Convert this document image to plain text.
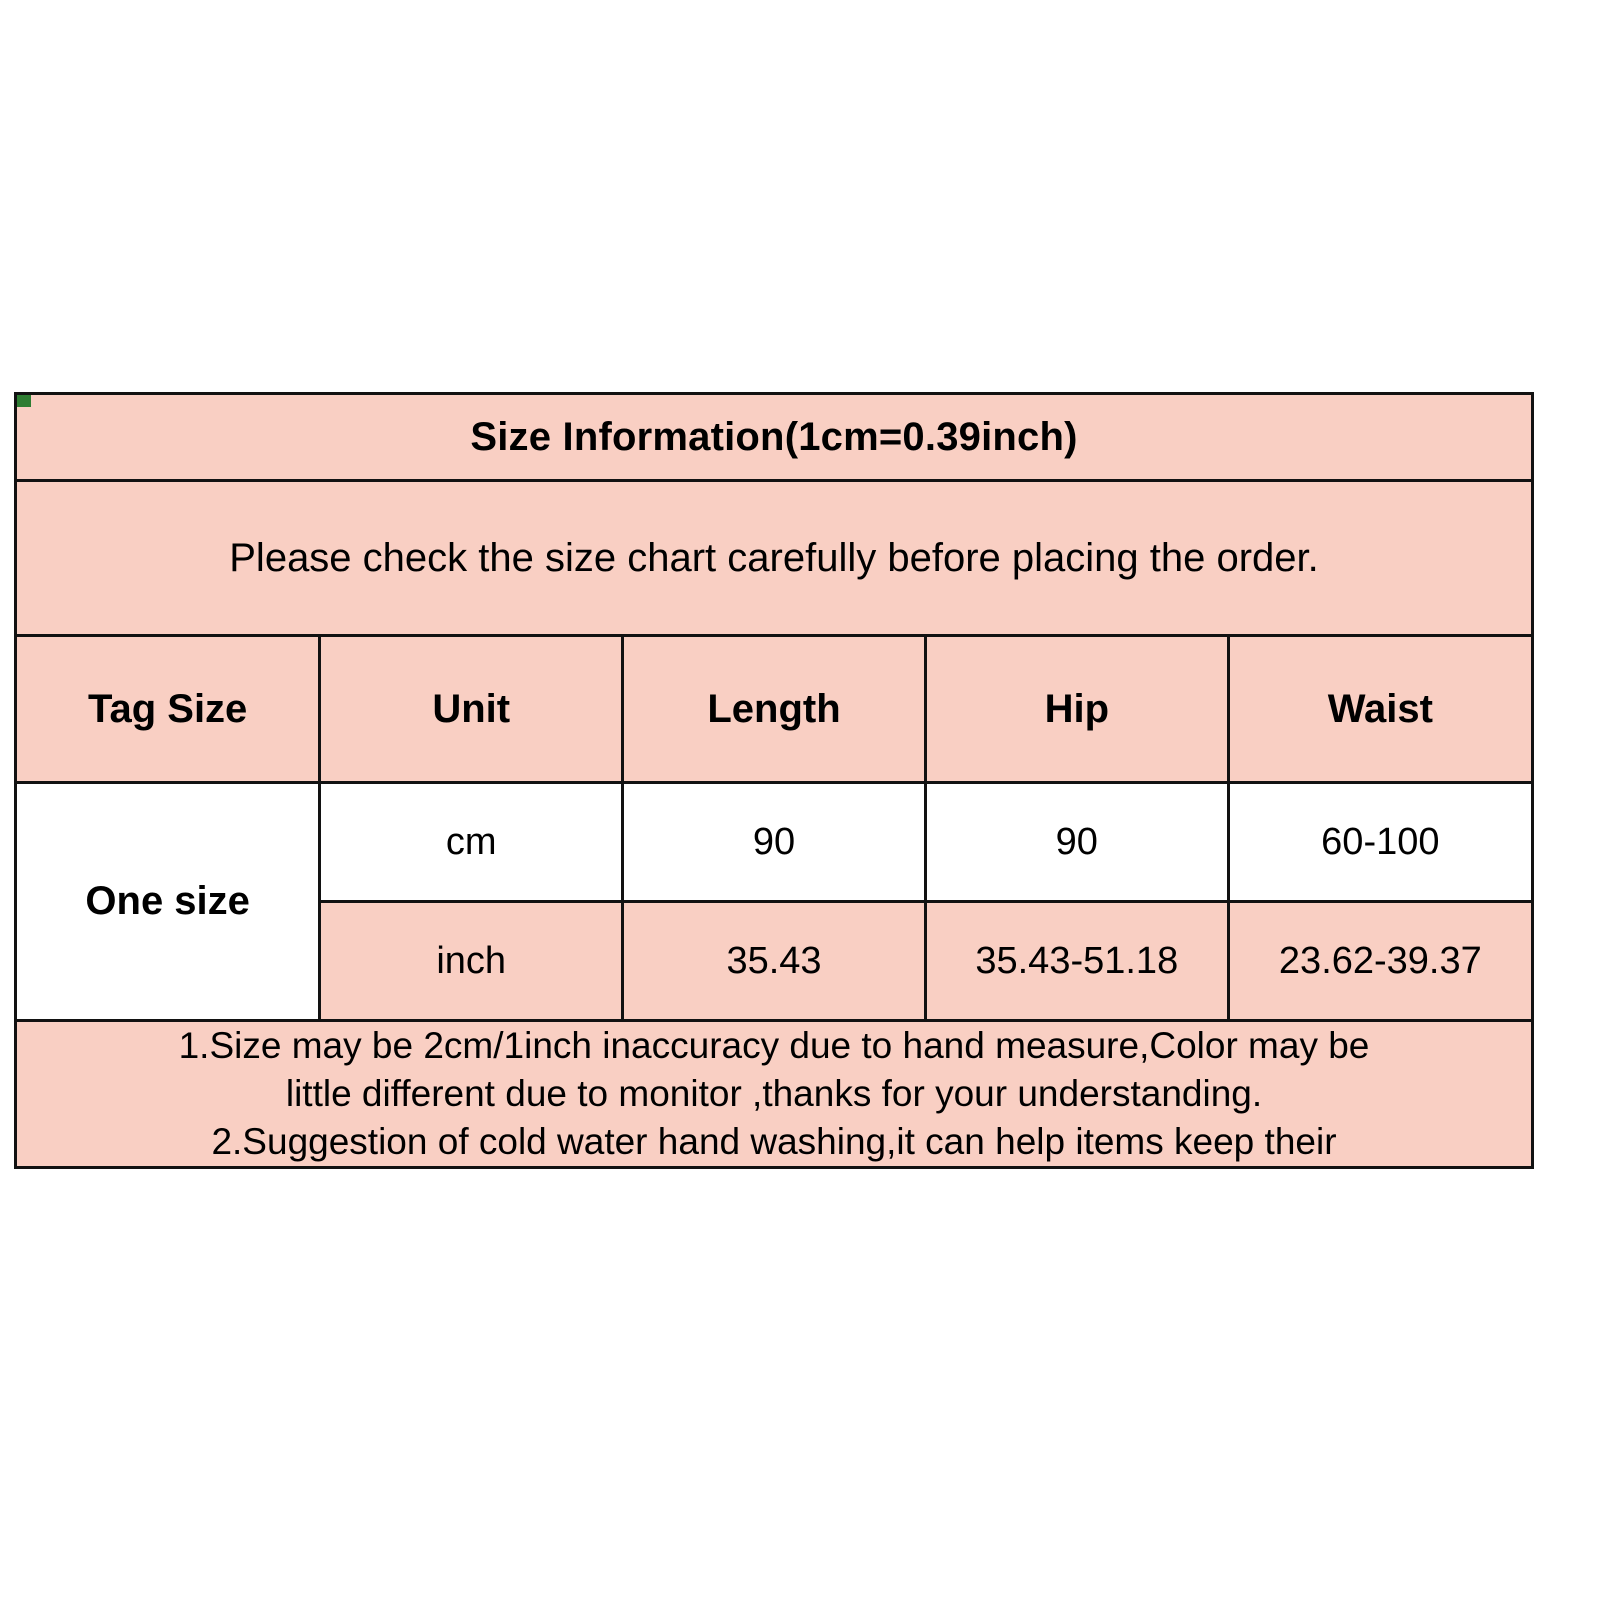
Size Information(1cm=0.39inch)				
Please check the size chart carefully before placing the order.				
Tag Size	Unit	Length	Hip	Waist
One size	cm	90	90	60-100
	inch	35.43	35.43-51.18	23.62-39.37

1.Size may be 2cm/1inch inaccuracy due to hand measure,Color may be
little different due to monitor ,thanks for your understanding.
2.Suggestion of cold water hand washing,it can help items keep their				
